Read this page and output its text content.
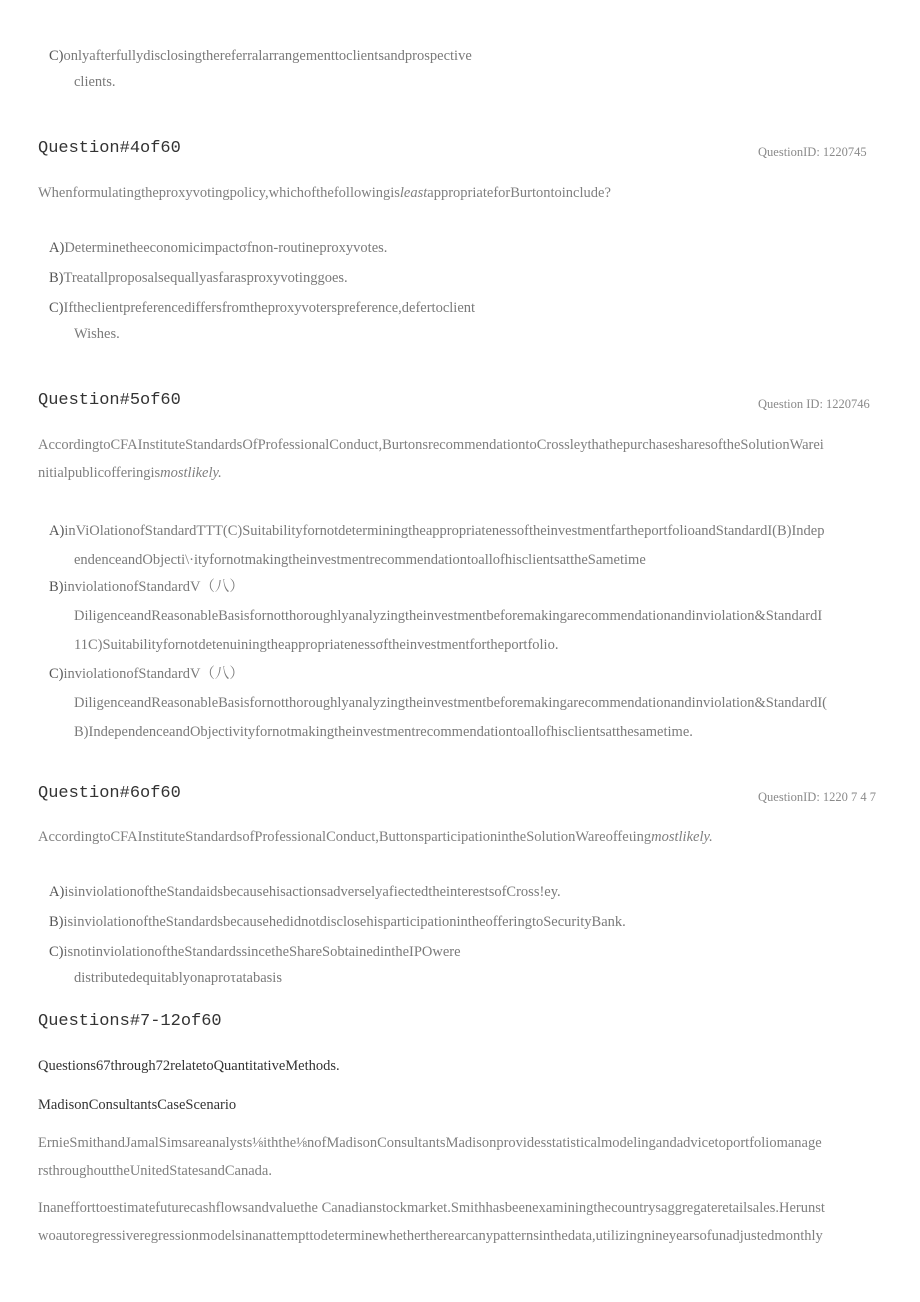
C)onlyafterfullydisclosingthereferralarrangementtoclientsandprospective
clients.
Question#4of60	QuestionID: 1220745
Whenformulatingtheproxyvotingpolicy,whichofthefollowingisleastappropriateforBurtontoinclude?
A)Determinetheeconomicimpactσfnon-routineproxyvotes.
B)Treatallproposalsequallyasfarasproxyvotinggoes.
C)Iftheclientpreferencediffersfromtheproxyvoterspreference,defertoclient
Wishes.
Question#5of60	Question ID: 1220746
AccordingtoCFAInstituteStandardsOfProfessionalConduct,BurtonsrecommendationtoCrossleythathepurchasesharesoftheSolutionWarei
nitialpublicofferingismostlikely.
A)inViOlationofStandardTTT(C)SuitabilityfornotdeterminingtheappropriatenessoftheinvestmentfartheportfolioandStandardI(B)Indep
endenceandObjecti\·ityfornotmakingtheinvestmentrecommendationtoallofhisclientsattheSametime
B)inviolationofStandardV（八）
DiligenceandReasonableBasisfornotthoroughlyanalyzingtheinvestmentbeforemakingarecommendationandinviolation&StandardI
11C)Suitabilityfornotdetenuiningtheappropriatenessσftheinvestmentfortheportfolio.
C)inviolationofStandardV（八）
DiligenceandReasonableBasisfornotthoroughlyanalyzingtheinvestmentbeforemakingarecommendationandinviolation&StandardI(
B)IndependenceandObjectivityfornotmakingtheinvestmentrecommendationtoallofhisclientsatthesametime.
Question#6of60	QuestionID: 1220 7 4 7
AccordingtoCFAInstituteStandardsofProfessionalConduct,ButtonsparticipationintheSolutionWareoffeιingmostlikely.
A)isinviolationoftheStandaidsbecausehisactionsadverselyafiectedtheinterestsofCross!ey.
B)isinviolationoftheStandardsbecausehedidnotdisclosehisparticipationintheofferingtoSecurityBank.
C)isnotinviolationoftheStandardssincetheShareSobtainedintheIPOwere
distributedequitablyonaproτatabasis
Questions#7-12of60
Questions67through72relatetoQuantitativeMethods.
MadisonConsultantsCaseScenario
ErnieSmithandJamalSimsareanalysts⅛iththe⅛nofMadisonConsultantsMadisonprovidesstatisticalmodelingandadvicetoportfoliomanage
rsthroughouttheUnitedStatesandCanada.
Inanefforttoestimatefuturecashflowsandvaluethe Canadianstockmarket.Smithhasbeenexaminingthecountrysaggregateretailsales.Herunst
woautoregressiveregressionmodelsinanattempttodeterminewhethertherearcanypatternsinthedata,utilizingnineyearsofunadjustedmonthly
